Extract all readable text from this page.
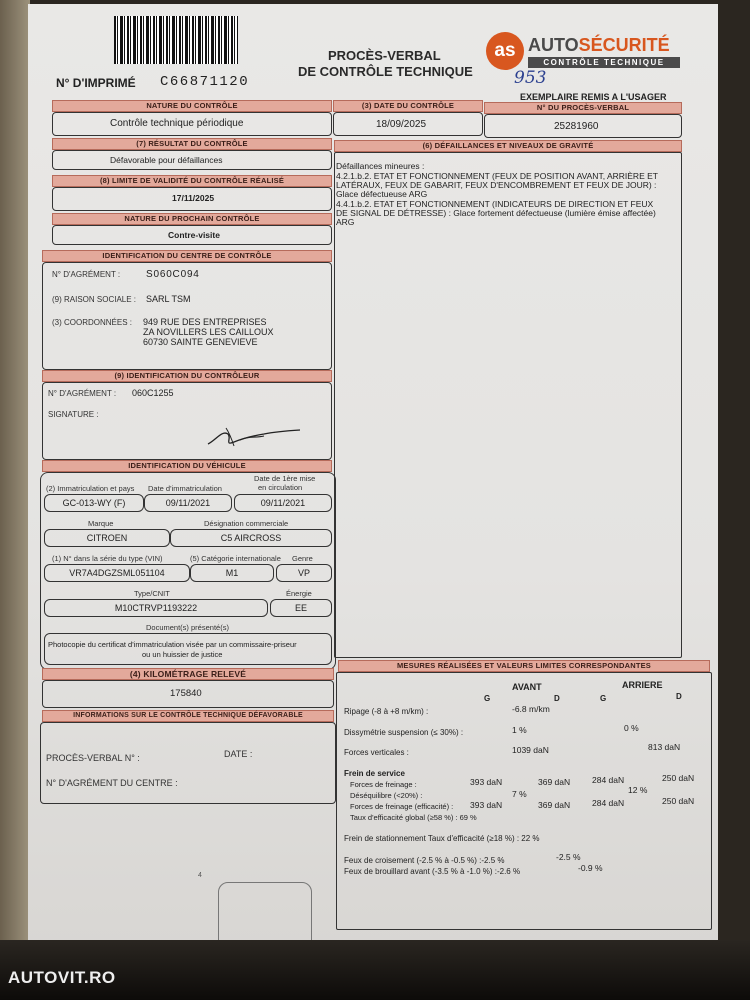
N° D'IMPRIMÉ C66871120
PROCÈS-VERBAL
DE CONTRÔLE TECHNIQUE
as AUTOSÉCURITÉ
CONTRÔLE TECHNIQUE
953
EXEMPLAIRE REMIS A L'USAGER
NATURE DU CONTRÔLE
Contrôle technique périodique
(3) DATE DU CONTRÔLE
18/09/2025
N° DU PROCÈS-VERBAL
25281960
(7) RÉSULTAT DU CONTRÔLE
Défavorable pour défaillances
(8) LIMITE DE VALIDITÉ DU CONTRÔLE RÉALISÉ
17/11/2025
NATURE DU PROCHAIN CONTRÔLE
Contre-visite
(6) DÉFAILLANCES ET NIVEAUX DE GRAVITÉ
Défaillances mineures :
4.2.1.b.2. ETAT ET FONCTIONNEMENT (FEUX DE POSITION AVANT, ARRIÈRE ET
LATÉRAUX, FEUX DE GABARIT, FEUX D'ENCOMBREMENT ET FEUX DE JOUR) :
Glace défectueuse ARG
4.4.1.b.2. ETAT ET FONCTIONNEMENT (INDICATEURS DE DIRECTION ET FEUX
DE SIGNAL DE DÉTRESSE) : Glace fortement défectueuse (lumière émise affectée)
ARG
IDENTIFICATION DU CENTRE DE CONTRÔLE
N° D'AGRÉMENT :	S060C094
(9) RAISON SOCIALE : SARL TSM
(3) COORDONNÉES : 949 RUE DES ENTREPRISES
ZA NOVILLERS LES CAILLOUX
60730 SAINTE GENEVIEVE
(9) IDENTIFICATION DU CONTRÔLEUR
N° D'AGRÉMENT : 060C1255
SIGNATURE :
IDENTIFICATION DU VÉHICULE
(2) Immatriculation et pays
GC-013-WY (F)
Date d'immatriculation
09/11/2021
Date de 1ère mise
en circulation
09/11/2021
Marque
CITROEN
Désignation commerciale
C5 AIRCROSS
(1) N° dans la série du type (VIN)
VR7A4DGZSML051104
(5) Catégorie internationale
M1
Genre
VP
Type/CNIT
M10CTRVP1193222
Énergie
EE
Document(s) présenté(s)
Photocopie du certificat d'immatriculation visée par un commissaire-priseur
ou un huissier de justice
(4) KILOMÉTRAGE RELEVÉ
175840
INFORMATIONS SUR LE CONTRÔLE TECHNIQUE DÉFAVORABLE
PROCÈS-VERBAL N° :	DATE :
N° D'AGRÉMENT DU CENTRE :
4
MESURES RÉALISÉES ET VALEURS LIMITES CORRESPONDANTES
AVANT	ARRIERE
G	D	G	D
Ripage (-8 à +8 m/km) :	-6.8 m/km
Dissymétrie suspension (≤ 30%) :	1 %	0 %
Forces verticales :	1039 daN	813 daN
Frein de service
Forces de freinage :	393 daN	369 daN	284 daN	250 daN
Déséquilibre (<20%) :	7 %	12 %
Forces de freinage (efficacité) : 393 daN	369 daN	284 daN	250 daN
Taux d'efficacité global (≥58 %) : 69 %
Frein de stationnement Taux d'efficacité (≥18 %) : 22 %
Feux de croisement (-2.5 % à -0.5 %) :-2.5 %	-2.5 %
Feux de brouillard avant (-3.5 % à -1.0 %) :-2.6 %	-0.9 %
AUTOVIT.RO
